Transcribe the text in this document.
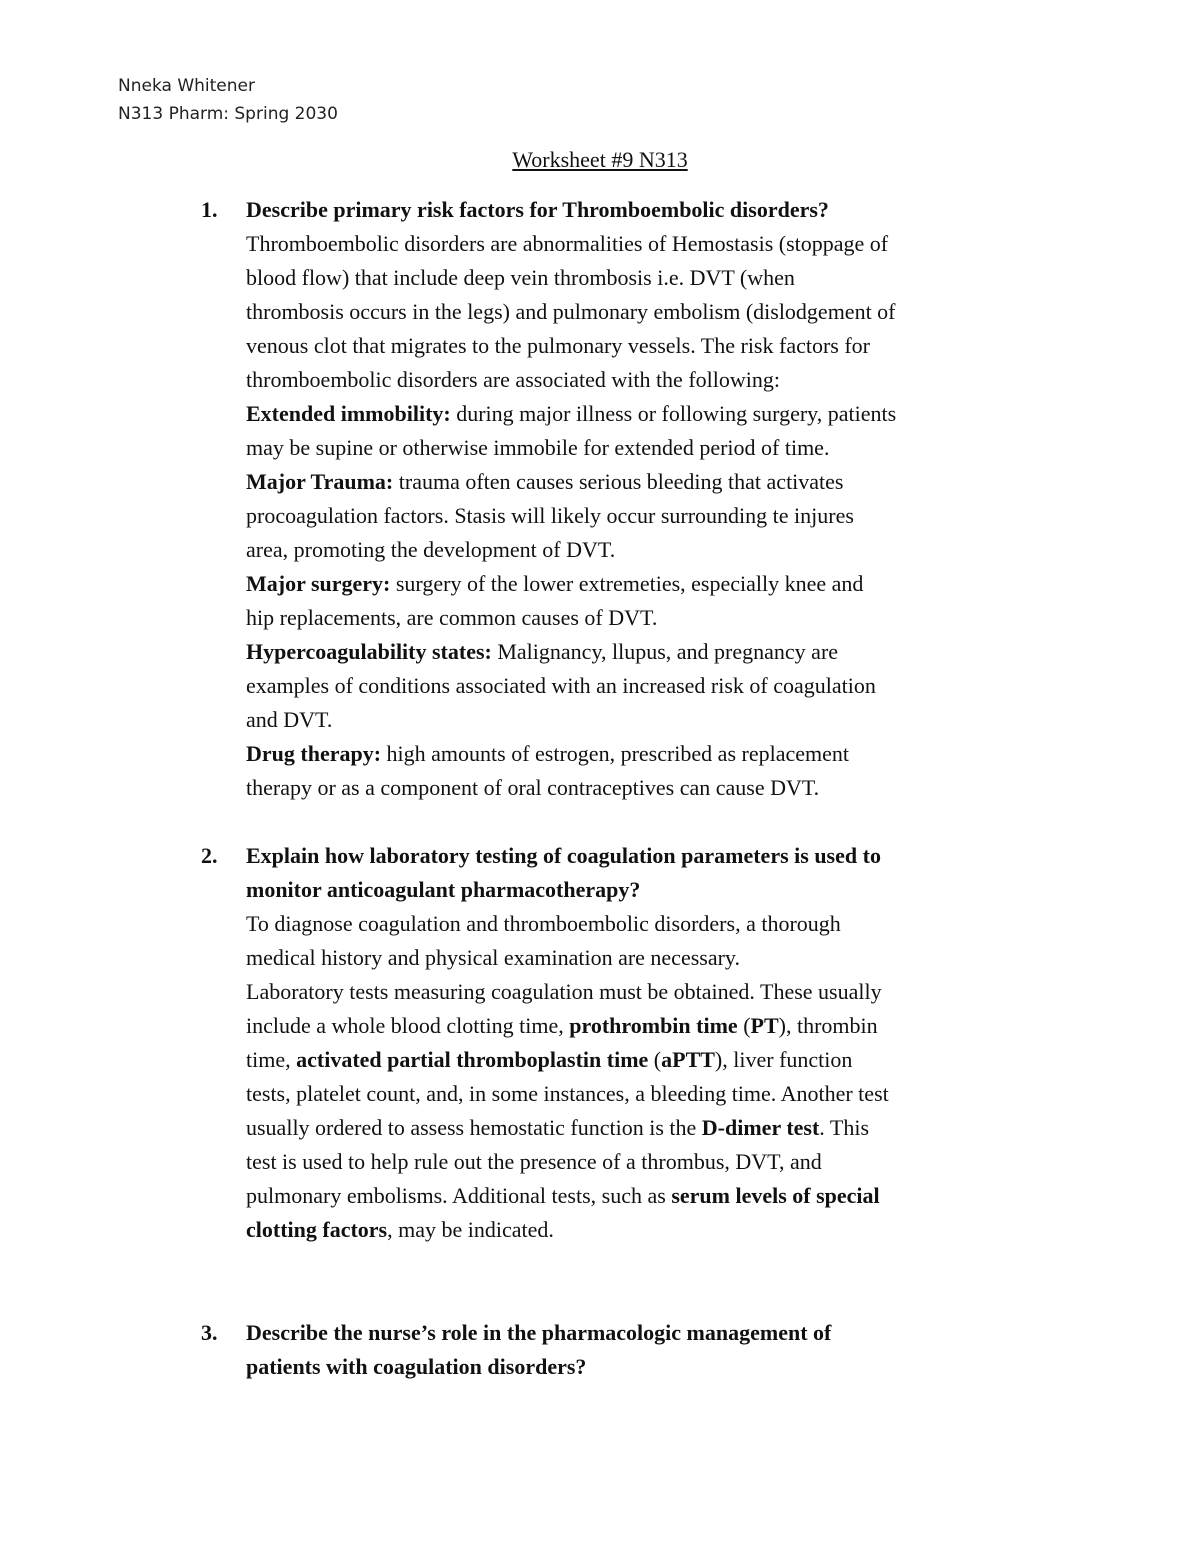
Nneka Whitener
N313 Pharm: Spring 2030
Worksheet #9 N313
1. Describe primary risk factors for Thromboembolic disorders?
Thromboembolic disorders are abnormalities of Hemostasis (stoppage of
blood flow) that include deep vein thrombosis i.e. DVT (when
thrombosis occurs in the legs) and pulmonary embolism (dislodgement of
venous clot that migrates to the pulmonary vessels. The risk factors for
thromboembolic disorders are associated with the following:
Extended immobility: during major illness or following surgery, patients
may be supine or otherwise immobile for extended period of time.
Major Trauma: trauma often causes serious bleeding that activates
procoagulation factors. Stasis will likely occur surrounding te injures
area, promoting the development of DVT.
Major surgery: surgery of the lower extremeties, especially knee and
hip replacements, are common causes of DVT.
Hypercoagulability states: Malignancy, llupus, and pregnancy are
examples of conditions associated with an increased risk of coagulation
and DVT.
Drug therapy: high amounts of estrogen, prescribed as replacement
therapy or as a component of oral contraceptives can cause DVT.
2. Explain how laboratory testing of coagulation parameters is used to
monitor anticoagulant pharmacotherapy?
To diagnose coagulation and thromboembolic disorders, a thorough
medical history and physical examination are necessary.
Laboratory tests measuring coagulation must be obtained. These usually
include a whole blood clotting time, prothrombin time (PT), thrombin
time, activated partial thromboplastin time (aPTT), liver function
tests, platelet count, and, in some instances, a bleeding time. Another test
usually ordered to assess hemostatic function is the D-dimer test. This
test is used to help rule out the presence of a thrombus, DVT, and
pulmonary embolisms. Additional tests, such as serum levels of special
clotting factors, may be indicated.
3. Describe the nurse’s role in the pharmacologic management of
patients with coagulation disorders?
